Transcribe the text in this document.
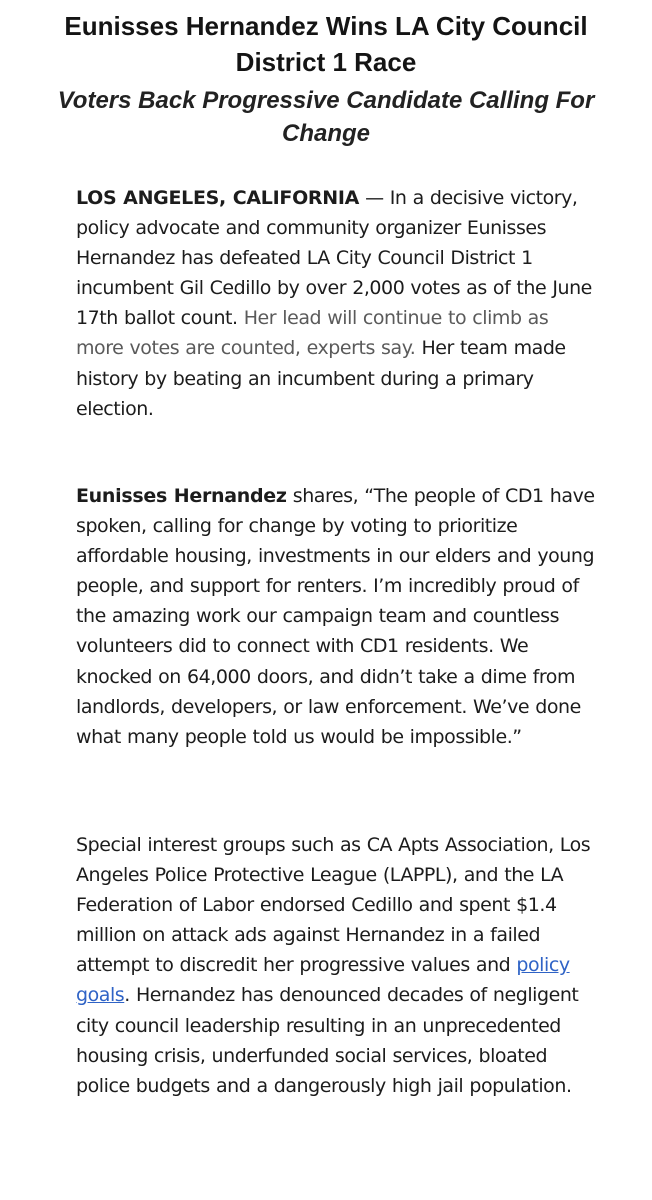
Eunisses Hernandez Wins LA City Council District 1 Race
Voters Back Progressive Candidate Calling For Change

LOS ANGELES, CALIFORNIA — In a decisive victory, policy advocate and community organizer Eunisses Hernandez has defeated LA City Council District 1 incumbent Gil Cedillo by over 2,000 votes as of the June 17th ballot count. Her lead will continue to climb as more votes are counted, experts say. Her team made history by beating an incumbent during a primary election.

Eunisses Hernandez shares, “The people of CD1 have spoken, calling for change by voting to prioritize affordable housing, investments in our elders and young people, and support for renters. I’m incredibly proud of the amazing work our campaign team and countless volunteers did to connect with CD1 residents. We knocked on 64,000 doors, and didn’t take a dime from landlords, developers, or law enforcement. We’ve done what many people told us would be impossible.”

Special interest groups such as CA Apts Association, Los Angeles Police Protective League (LAPPL), and the LA Federation of Labor endorsed Cedillo and spent $1.4 million on attack ads against Hernandez in a failed attempt to discredit her progressive values and policy goals. Hernandez has denounced decades of negligent city council leadership resulting in an unprecedented housing crisis, underfunded social services, bloated police budgets and a dangerously high jail population.
